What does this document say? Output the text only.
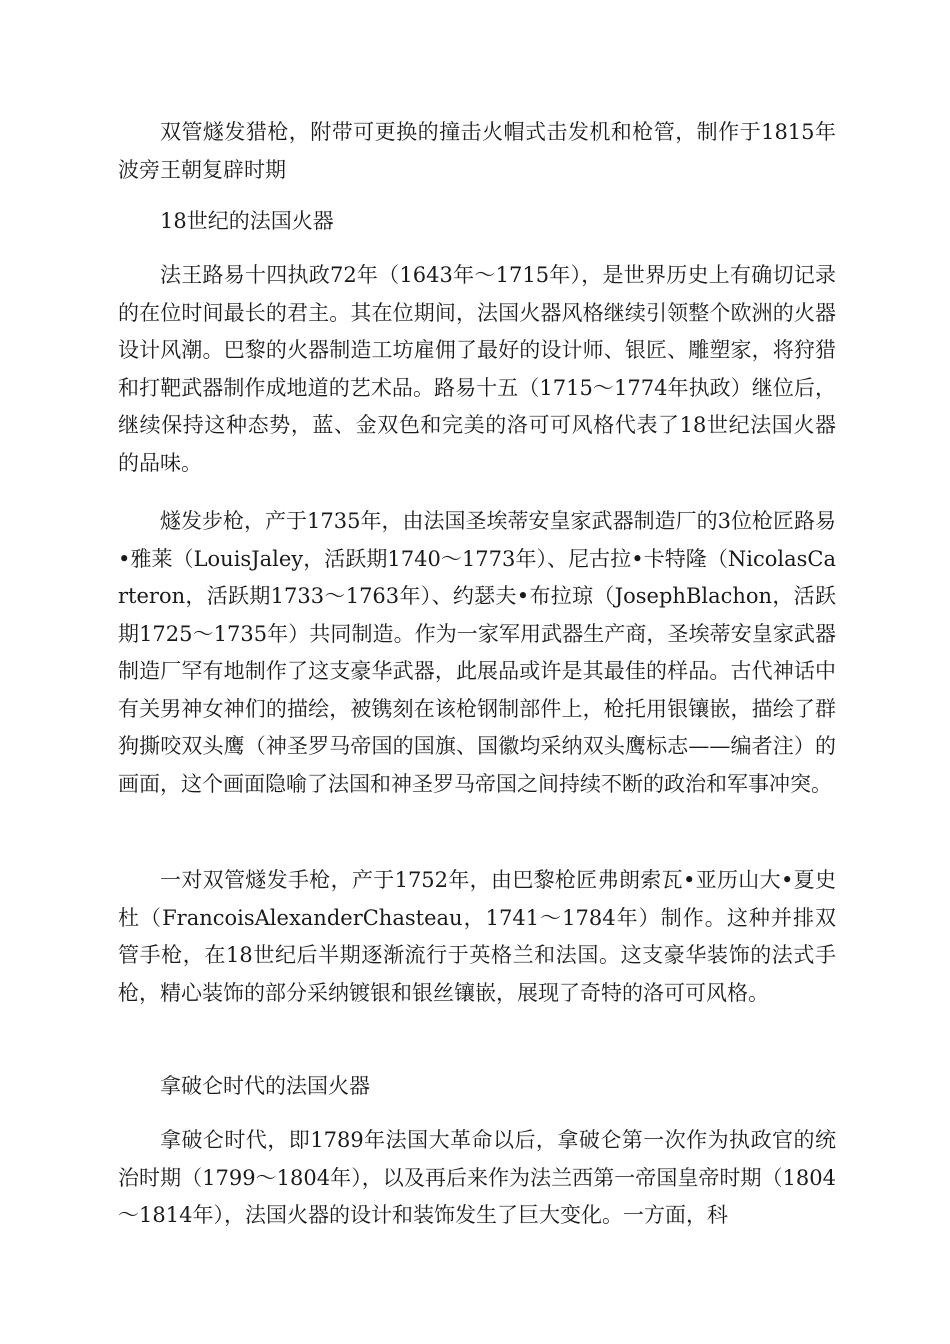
双管燧发猎枪，附带可更换的撞击火帽式击发机和枪管，制作于1815年波旁王朝复辟时期

18世纪的法国火器

法王路易十四执政72年（1643年～1715年），是世界历史上有确切记录的在位时间最长的君主。其在位期间，法国火器风格继续引领整个欧洲的火器设计风潮。巴黎的火器制造工坊雇佣了最好的设计师、银匠、雕塑家，将狩猎和打靶武器制作成地道的艺术品。路易十五（1715～1774年执政）继位后，继续保持这种态势，蓝、金双色和完美的洛可可风格代表了18世纪法国火器的品味。

燧发步枪，产于1735年，由法国圣埃蒂安皇家武器制造厂的3位枪匠路易•雅莱（LouisJaley，活跃期1740～1773年）、尼古拉•卡特隆（NicolasCarteron，活跃期1733～1763年）、约瑟夫•布拉琼（JosephBlachon，活跃期1725～1735年）共同制造。作为一家军用武器生产商，圣埃蒂安皇家武器制造厂罕有地制作了这支豪华武器，此展品或许是其最佳的样品。古代神话中有关男神女神们的描绘，被镌刻在该枪钢制部件上，枪托用银镶嵌，描绘了群狗撕咬双头鹰（神圣罗马帝国的国旗、国徽均采纳双头鹰标志——编者注）的画面，这个画面隐喻了法国和神圣罗马帝国之间持续不断的政治和军事冲突。

一对双管燧发手枪，产于1752年，由巴黎枪匠弗朗索瓦•亚历山大•夏史杜（FrancoisAlexanderChasteau，1741～1784年）制作。这种并排双管手枪，在18世纪后半期逐渐流行于英格兰和法国。这支豪华装饰的法式手枪，精心装饰的部分采纳镀银和银丝镶嵌，展现了奇特的洛可可风格。

拿破仑时代的法国火器

拿破仑时代，即1789年法国大革命以后，拿破仑第一次作为执政官的统治时期（1799～1804年），以及再后来作为法兰西第一帝国皇帝时期（1804～1814年），法国火器的设计和装饰发生了巨大变化。一方面，科
